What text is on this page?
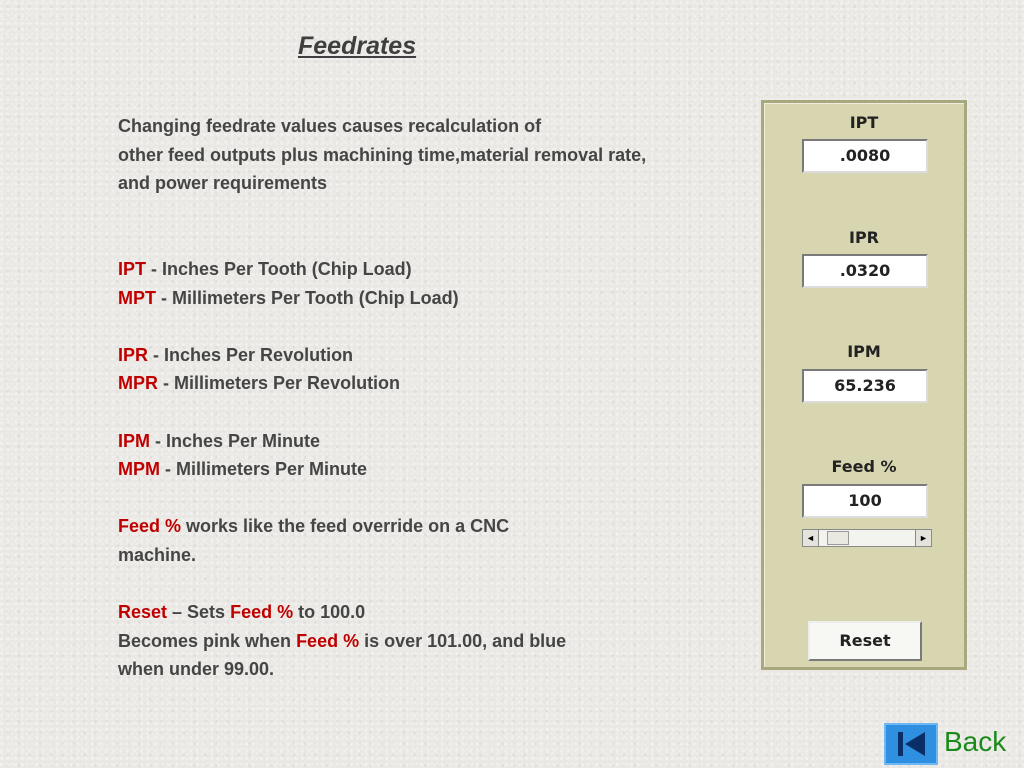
Feedrates
Changing feedrate values causes recalculation of
other feed outputs plus machining time,material removal rate,
and power requirements
IPT - Inches Per Tooth (Chip Load)
MPT - Millimeters Per Tooth (Chip Load)
IPR - Inches Per Revolution
MPR - Millimeters Per Revolution
IPM - Inches Per Minute
MPM - Millimeters Per Minute
Feed % works like the feed override on a CNC
machine.
Reset – Sets Feed % to 100.0
Becomes pink when Feed % is over 101.00, and blue
when under 99.00.
IPT
.0080
IPR
.0320
IPM
65.236
Feed %
100
◄	►
Reset
Back
